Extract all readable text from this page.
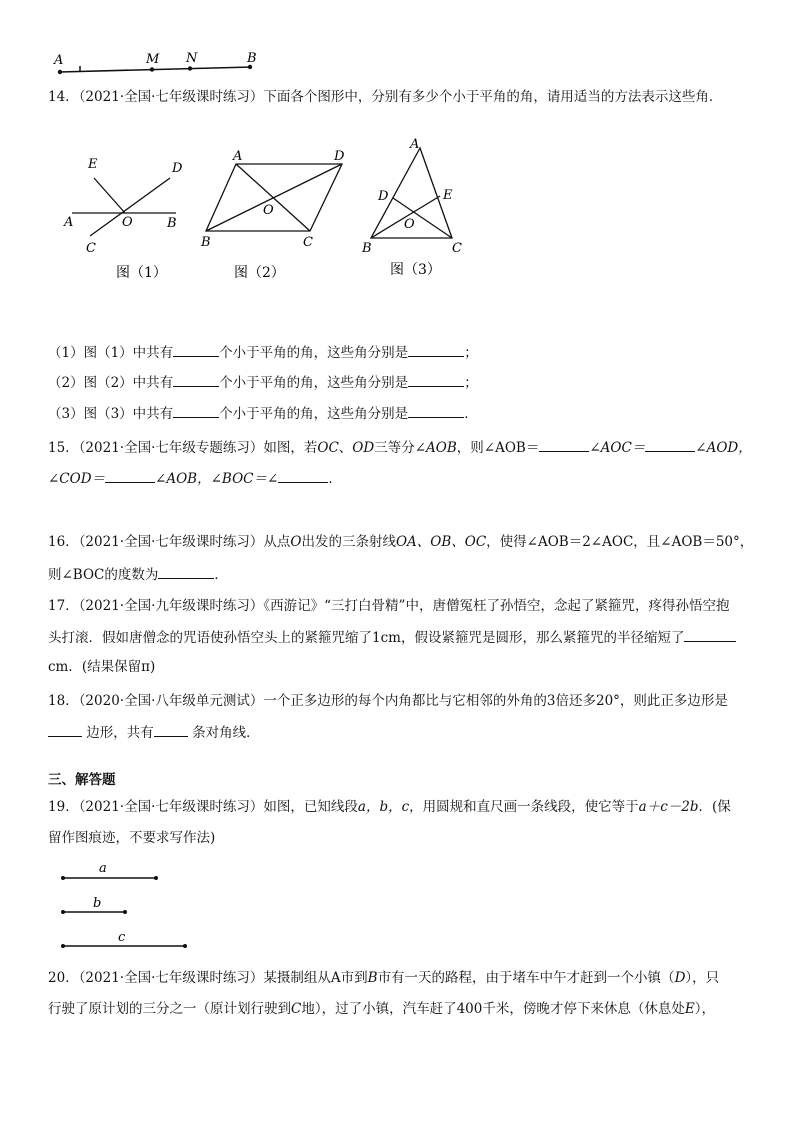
A	M N	B
14．（2021·全国·七年级课时练习）下面各个图形中，分别有多少个小于平角的角，请用适当的方法表示这些角．
E	D
A	O	B
C
图（1）
A	D
O
B	C
图（2）
A
D	E
O
B	C
图（3）
（1）图（1）中共有	个小于平角的角，这些角分别是	；
（2）图（2）中共有	个小于平角的角，这些角分别是	；
（3）图（3）中共有	个小于平角的角，这些角分别是	．
15．（2021·全国·七年级专题练习）如图，若OC、OD三等分∠AOB，则∠AOB＝	∠AOC＝	∠AOD，
∠COD＝	∠AOB，∠BOC＝∠	．
16．（2021·全国·七年级课时练习）从点O出发的三条射线OA、OB、OC，使得∠AOB＝2∠AOC，且∠AOB＝50°，
则∠BOC的度数为	．
17．（2021·全国·九年级课时练习）《西游记》“三打白骨精”中，唐僧冤枉了孙悟空，念起了紧箍咒，疼得孙悟空抱
头打滚．假如唐僧念的咒语使孙悟空头上的紧箍咒缩了1cm，假设紧箍咒是圆形，那么紧箍咒的半径缩短了
cm．(结果保留π)
18．（2020·全国·八年级单元测试）一个正多边形的每个内角都比与它相邻的外角的3倍还多20°，则此正多边形是
边形，共有	条对角线．
三、解答题
19．（2021·全国·七年级课时练习）如图，已知线段a，b，c，用圆规和直尺画一条线段，使它等于a＋c－2b．(保
留作图痕迹，不要求写作法)
a
b
c
20．（2021·全国·七年级课时练习）某摄制组从A市到B市有一天的路程，由于堵车中午才赶到一个小镇（D），只
行驶了原计划的三分之一（原计划行驶到C地），过了小镇，汽车赶了400千米，傍晚才停下来休息（休息处E），
